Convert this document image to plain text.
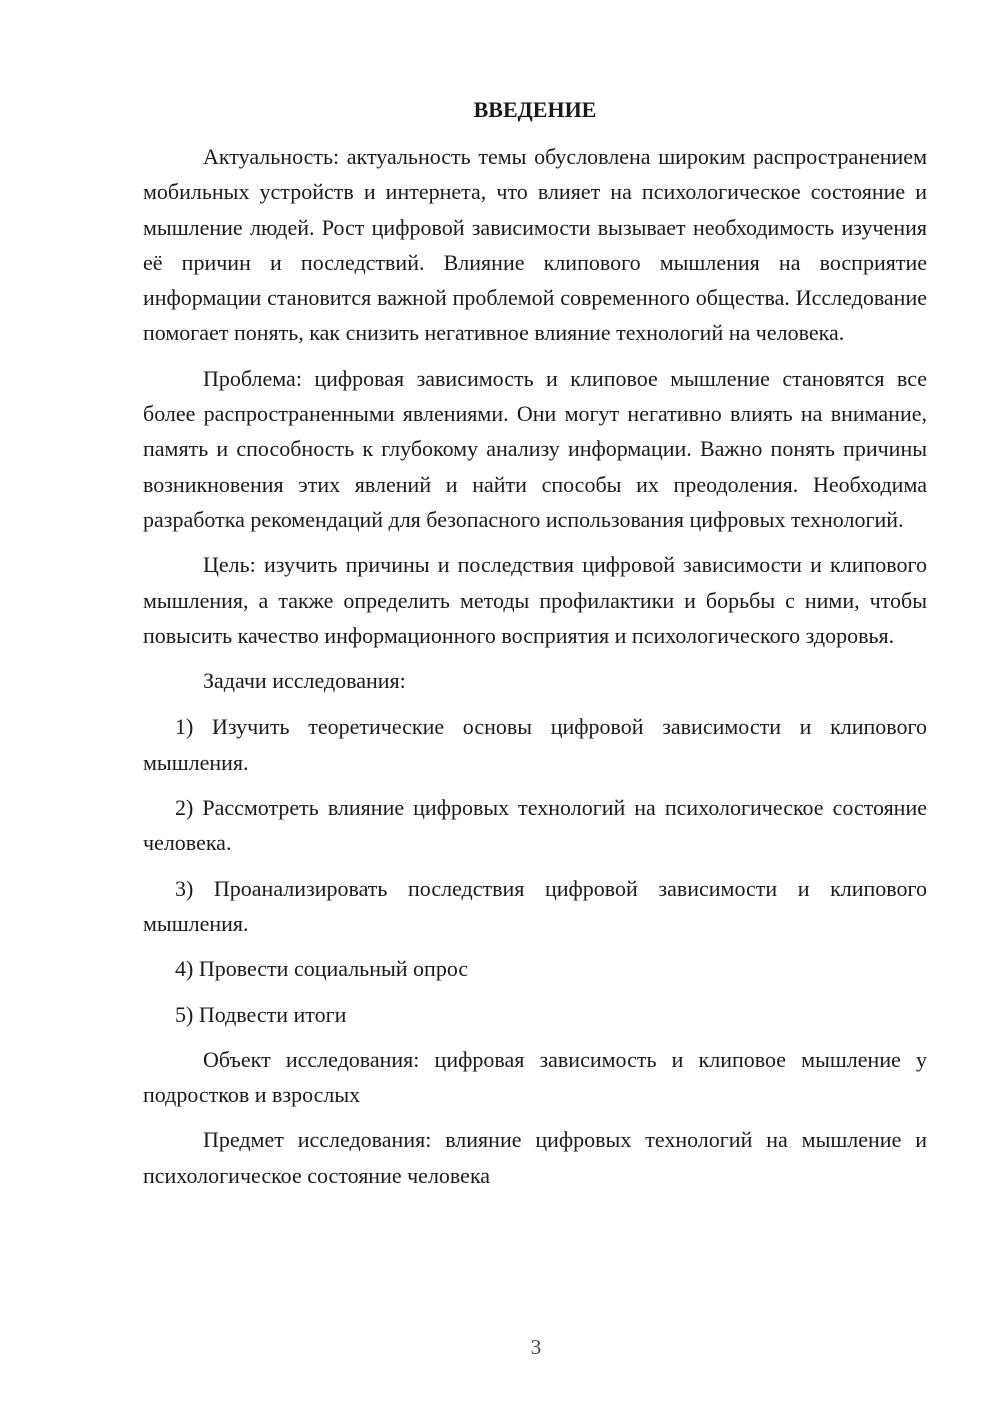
ВВЕДЕНИЕ

Актуальность: актуальность темы обусловлена широким распространением мобильных устройств и интернета, что влияет на психологическое состояние и мышление людей. Рост цифровой зависимости вызывает необходимость изучения её причин и последствий. Влияние клипового мышления на восприятие информации становится важной проблемой современного общества. Исследование помогает понять, как снизить негативное влияние технологий на человека.

Проблема: цифровая зависимость и клиповое мышление становятся все более распространенными явлениями. Они могут негативно влиять на внимание, память и способность к глубокому анализу информации. Важно понять причины возникновения этих явлений и найти способы их преодоления. Необходима разработка рекомендаций для безопасного использования цифровых технологий.

Цель: изучить причины и последствия цифровой зависимости и клипового мышления, а также определить методы профилактики и борьбы с ними, чтобы повысить качество информационного восприятия и психологического здоровья.

Задачи исследования:

1) Изучить теоретические основы цифровой зависимости и клипового мышления.

2) Рассмотреть влияние цифровых технологий на психологическое состояние человека.

3) Проанализировать последствия цифровой зависимости и клипового мышления.

4) Провести социальный опрос

5) Подвести итоги

Объект исследования: цифровая зависимость и клиповое мышление у подростков и взрослых

Предмет исследования: влияние цифровых технологий на мышление и психологическое состояние человека

3
